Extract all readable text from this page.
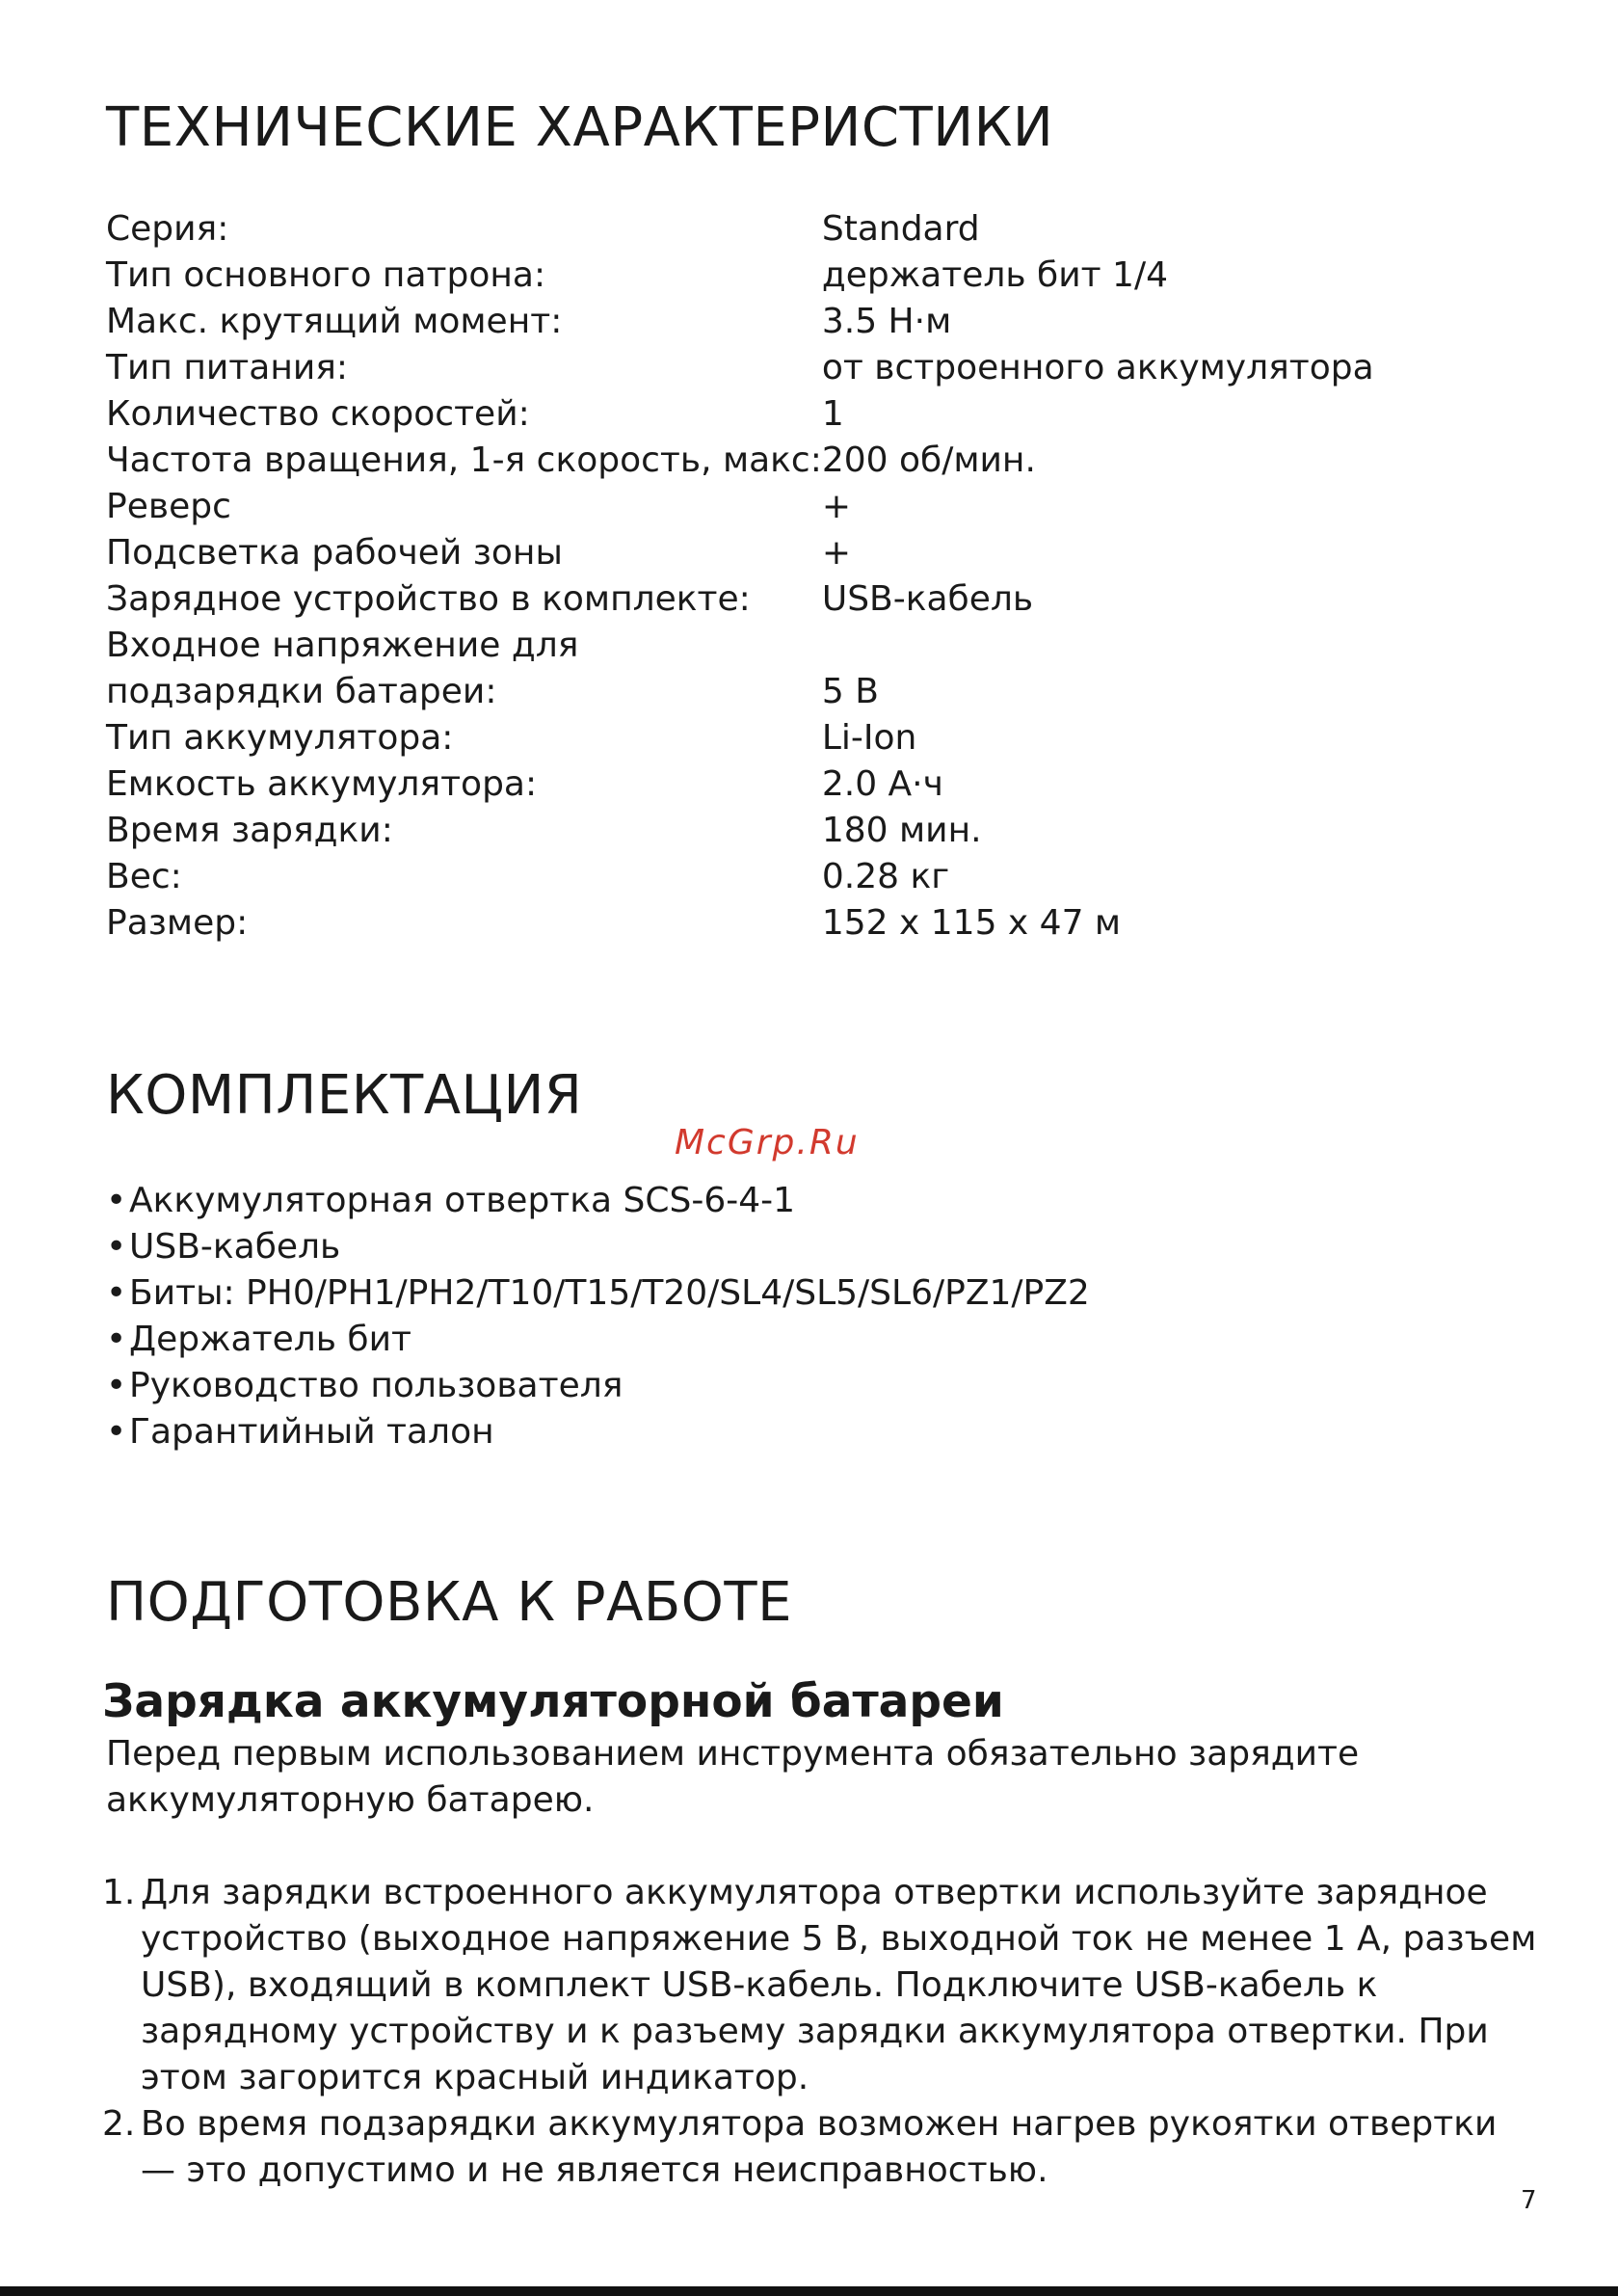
ТЕХНИЧЕСКИЕ ХАРАКТЕРИСТИКИ
Серия:	Standard
Тип основного патрона:	держатель бит 1/4
Макс. крутящий момент:	3.5 Н·м
Тип питания:	от встроенного аккумулятора
Количество скоростей:	1
Частота вращения, 1-я скорость, макс:	200 об/мин.
Реверс	+
Подсветка рабочей зоны	+
Зарядное устройство в комплекте:	USB-кабель
Входное напряжение для	
подзарядки батареи:	5 В
Тип аккумулятора:	Li-Ion
Емкость аккумулятора:	2.0 А·ч
Время зарядки:	180 мин.
Вес:	0.28 кг
Размер:	152 х 115 х 47 м
КОМПЛЕКТАЦИЯ
•Аккумуляторная отвертка SCS-6-4-1
•USB-кабель
•Биты: PH0/PH1/PH2/T10/T15/T20/SL4/SL5/SL6/PZ1/PZ2
•Держатель бит
•Руководство пользователя
•Гарантийный талон
ПОДГОТОВКА К РАБОТЕ
Зарядка аккумуляторной батареи

Перед первым использованием инструмента обязательно зарядите аккумуляторную батарею.

1. Для зарядки встроенного аккумулятора отвертки используйте зарядное устройство (выходное напряжение 5 В, выходной ток не менее 1 А, разъем USB), входящий в комплект USB-кабель. Подключите USB-кабель к зарядному устройству и к разъему зарядки аккумулятора отвертки. При этом загорится красный индикатор.
2. Во время подзарядки аккумулятора возможен нагрев рукоятки отвертки — это допустимо и не является неисправностью.
McGrp.Ru
7
